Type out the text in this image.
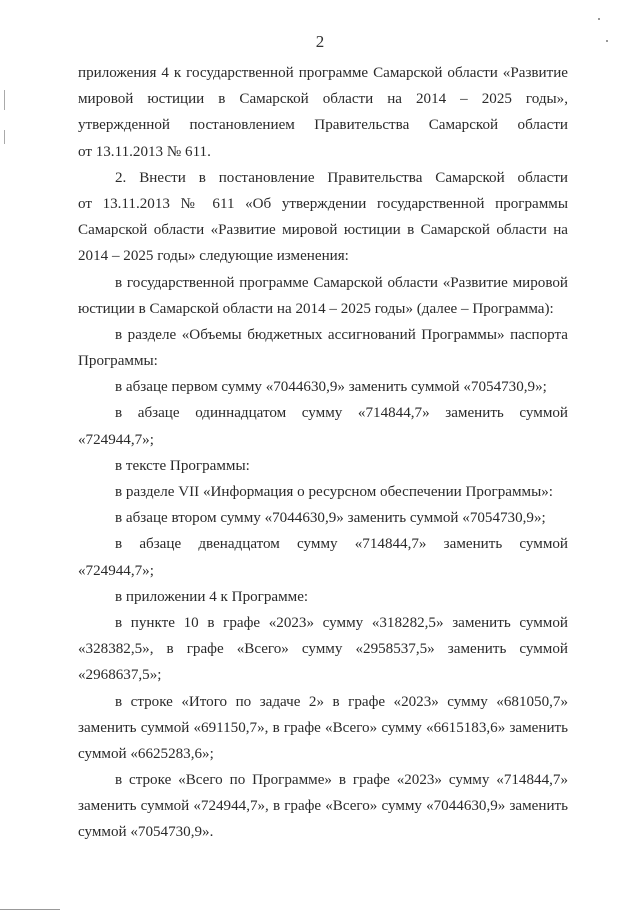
2
приложения 4 к государственной программе Самарской области «Развитие
мировой юстиции в Самарской области на 2014 – 2025 годы»,
утвержденной постановлением Правительства Самарской области
от 13.11.2013 № 611.
2. Внести в постановление Правительства Самарской области
от 13.11.2013 № 611 «Об утверждении государственной программы
Самарской области «Развитие мировой юстиции в Самарской области на
2014 – 2025 годы» следующие изменения:
в государственной программе Самарской области «Развитие мировой
юстиции в Самарской области на 2014 – 2025 годы» (далее – Программа):
в разделе «Объемы бюджетных ассигнований Программы» паспорта
Программы:
в абзаце первом сумму «7044630,9» заменить суммой «7054730,9»;
в абзаце одиннадцатом сумму «714844,7» заменить суммой
«724944,7»;
в тексте Программы:
в разделе VII «Информация о ресурсном обеспечении Программы»:
в абзаце втором сумму «7044630,9» заменить суммой «7054730,9»;
в абзаце двенадцатом сумму «714844,7» заменить суммой
«724944,7»;
в приложении 4 к Программе:
в пункте 10 в графе «2023» сумму «318282,5» заменить суммой
«328382,5», в графе «Всего» сумму «2958537,5» заменить суммой
«2968637,5»;
в строке «Итого по задаче 2» в графе «2023» сумму «681050,7»
заменить суммой «691150,7», в графе «Всего» сумму «6615183,6» заменить
суммой «6625283,6»;
в строке «Всего по Программе» в графе «2023» сумму «714844,7»
заменить суммой «724944,7», в графе «Всего» сумму «7044630,9» заменить
суммой «7054730,9».
